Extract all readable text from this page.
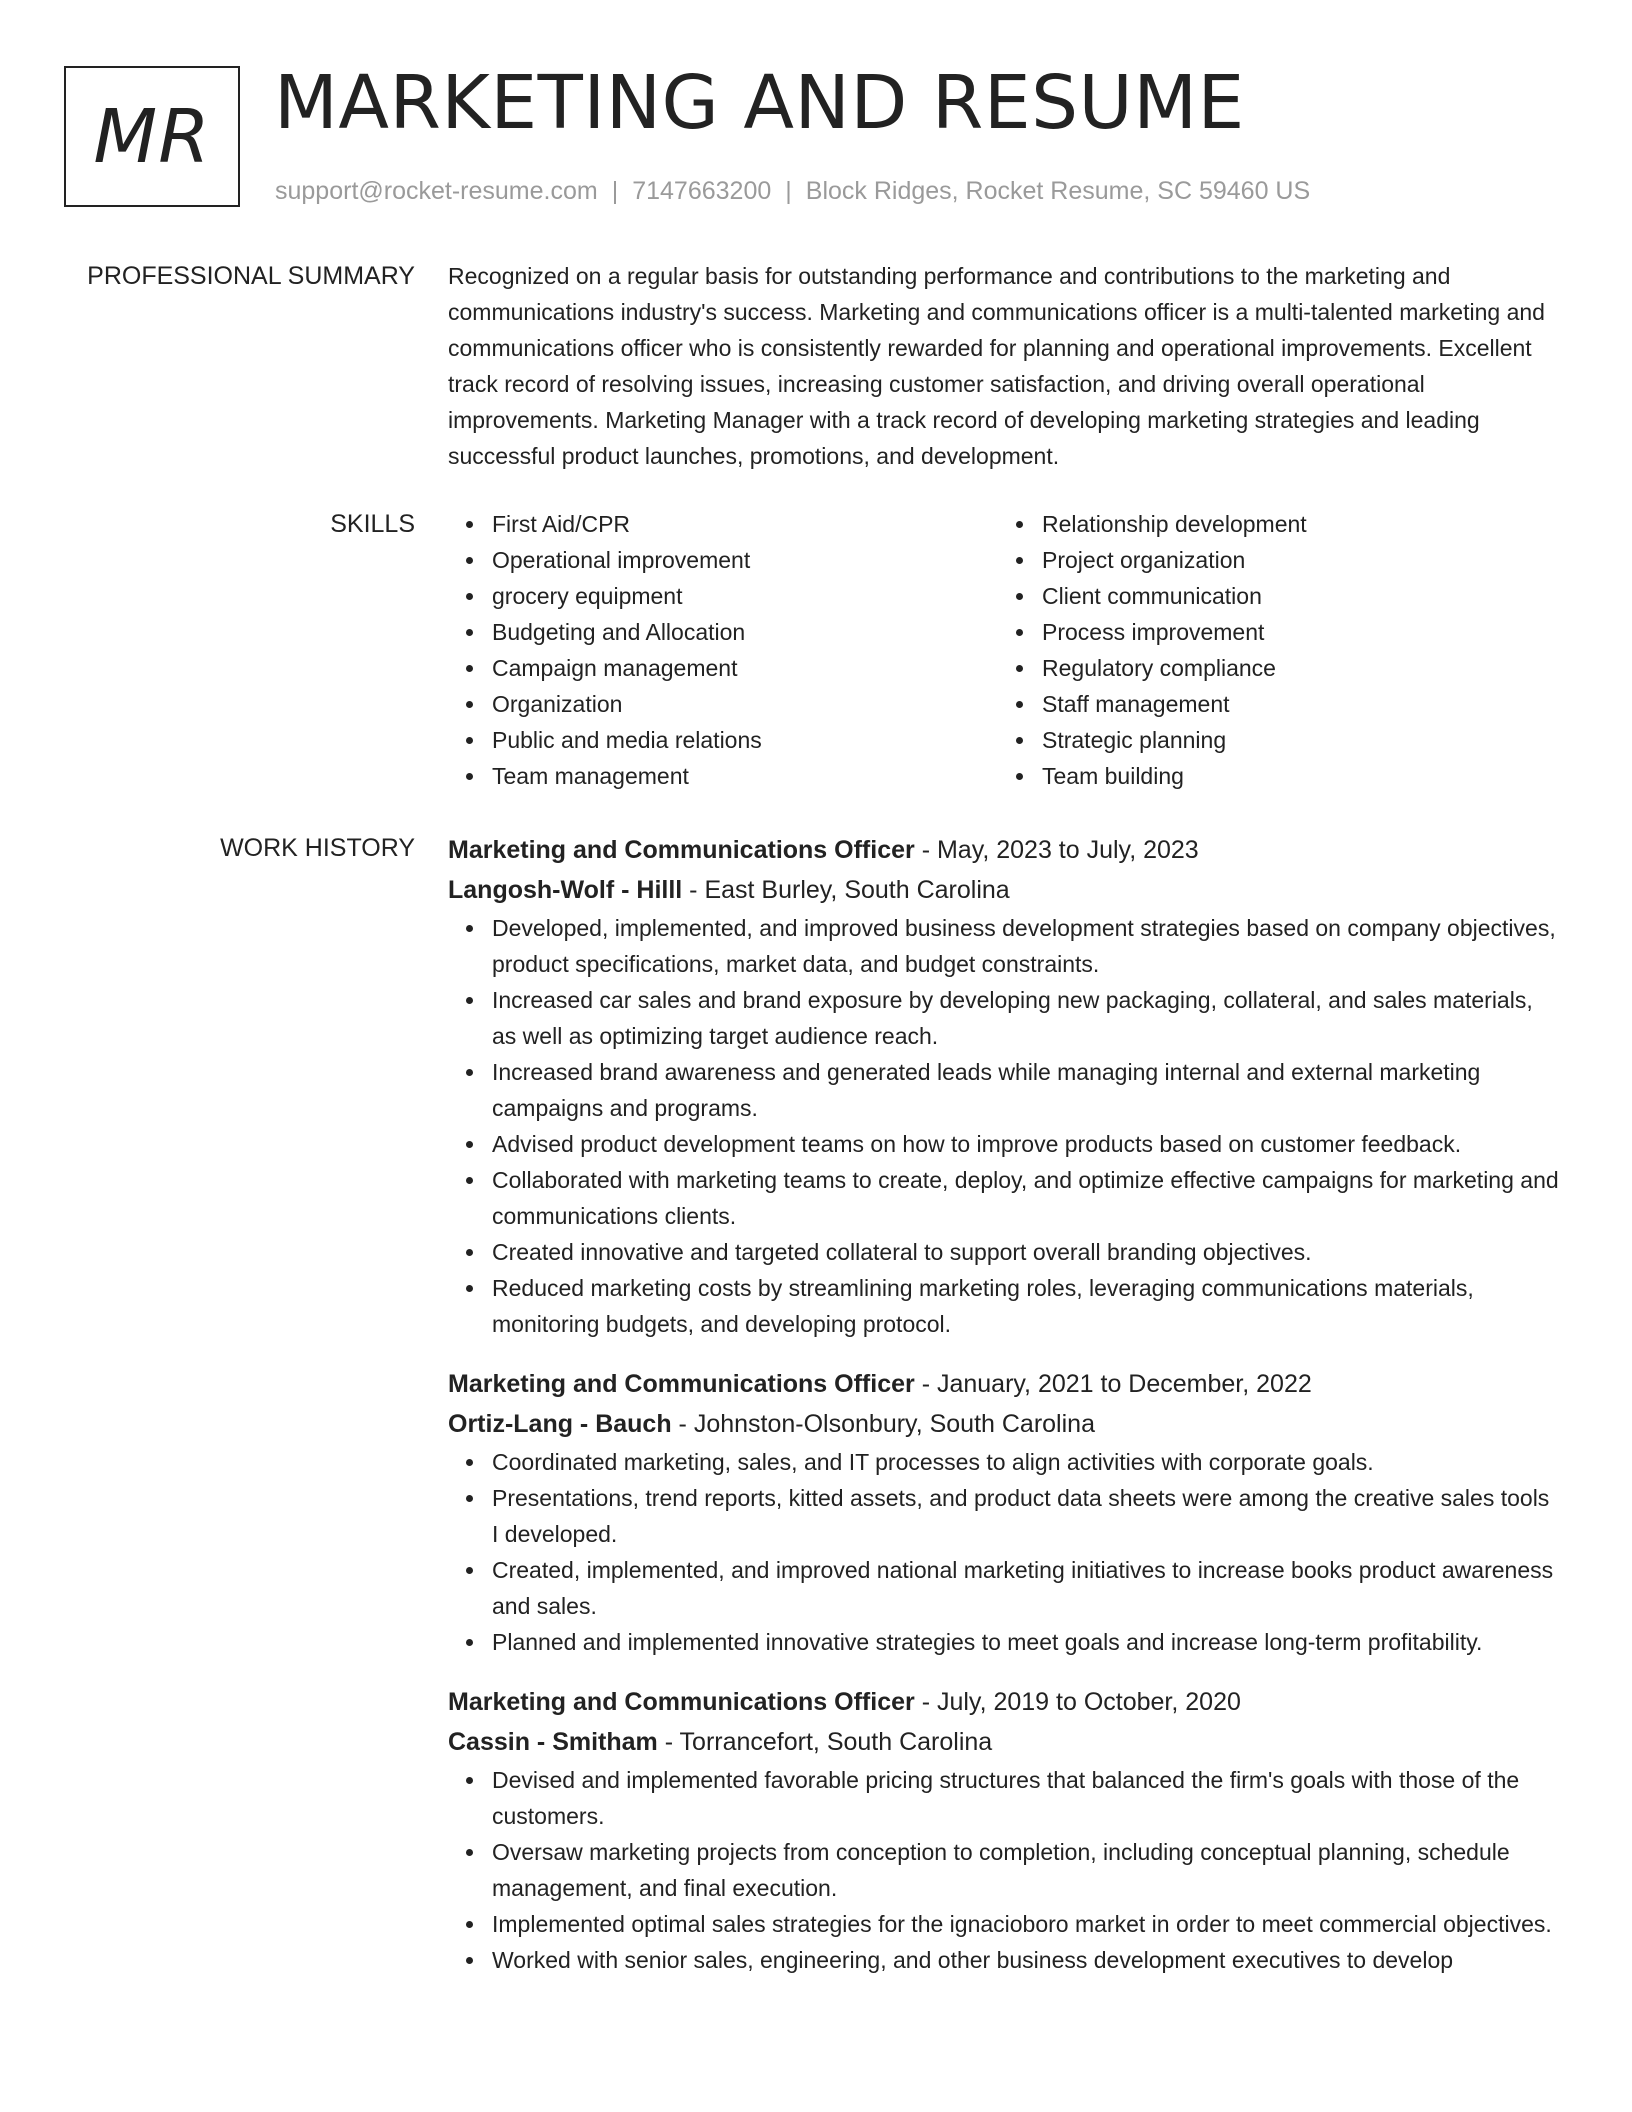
MR MARKETING AND RESUME
support@rocket-resume.com | 7147663200 | Block Ridges, Rocket Resume, SC 59460 US
PROFESSIONAL SUMMARY Recognized on a regular basis for outstanding performance and contributions to the marketing and communications industry's success. Marketing and communications officer is a multi-talented marketing and communications officer who is consistently rewarded for planning and operational improvements. Excellent track record of resolving issues, increasing customer satisfaction, and driving overall operational improvements. Marketing Manager with a track record of developing marketing strategies and leading successful product launches, promotions, and development.

SKILLS	First Aid/CPR
Operational improvement
grocery equipment
Budgeting and Allocation
Campaign management
Organization
Public and media relations
Team management
Relationship development
Project organization
Client communication
Process improvement
Regulatory compliance
Staff management
Strategic planning
Team building
WORK HISTORY Marketing and Communications Officer - May, 2023 to July, 2023
Langosh-Wolf - Hilll - East Burley, South Carolina
Developed, implemented, and improved business development strategies based on company objectives, product specifications, market data, and budget constraints.
Increased car sales and brand exposure by developing new packaging, collateral, and sales materials, as well as optimizing target audience reach.
Increased brand awareness and generated leads while managing internal and external marketing campaigns and programs.
Advised product development teams on how to improve products based on customer feedback.
Collaborated with marketing teams to create, deploy, and optimize effective campaigns for marketing and communications clients.
Created innovative and targeted collateral to support overall branding objectives.
Reduced marketing costs by streamlining marketing roles, leveraging communications materials, monitoring budgets, and developing protocol.
Marketing and Communications Officer - January, 2021 to December, 2022
Ortiz-Lang - Bauch - Johnston-Olsonbury, South Carolina
Coordinated marketing, sales, and IT processes to align activities with corporate goals.
Presentations, trend reports, kitted assets, and product data sheets were among the creative sales tools I developed.
Created, implemented, and improved national marketing initiatives to increase books product awareness and sales.
Planned and implemented innovative strategies to meet goals and increase long-term profitability.
Marketing and Communications Officer - July, 2019 to October, 2020
Cassin - Smitham - Torrancefort, South Carolina
Devised and implemented favorable pricing structures that balanced the firm's goals with those of the customers.
Oversaw marketing projects from conception to completion, including conceptual planning, schedule management, and final execution.
Implemented optimal sales strategies for the ignacioboro market in order to meet commercial objectives.
Worked with senior sales, engineering, and other business development executives to develop
